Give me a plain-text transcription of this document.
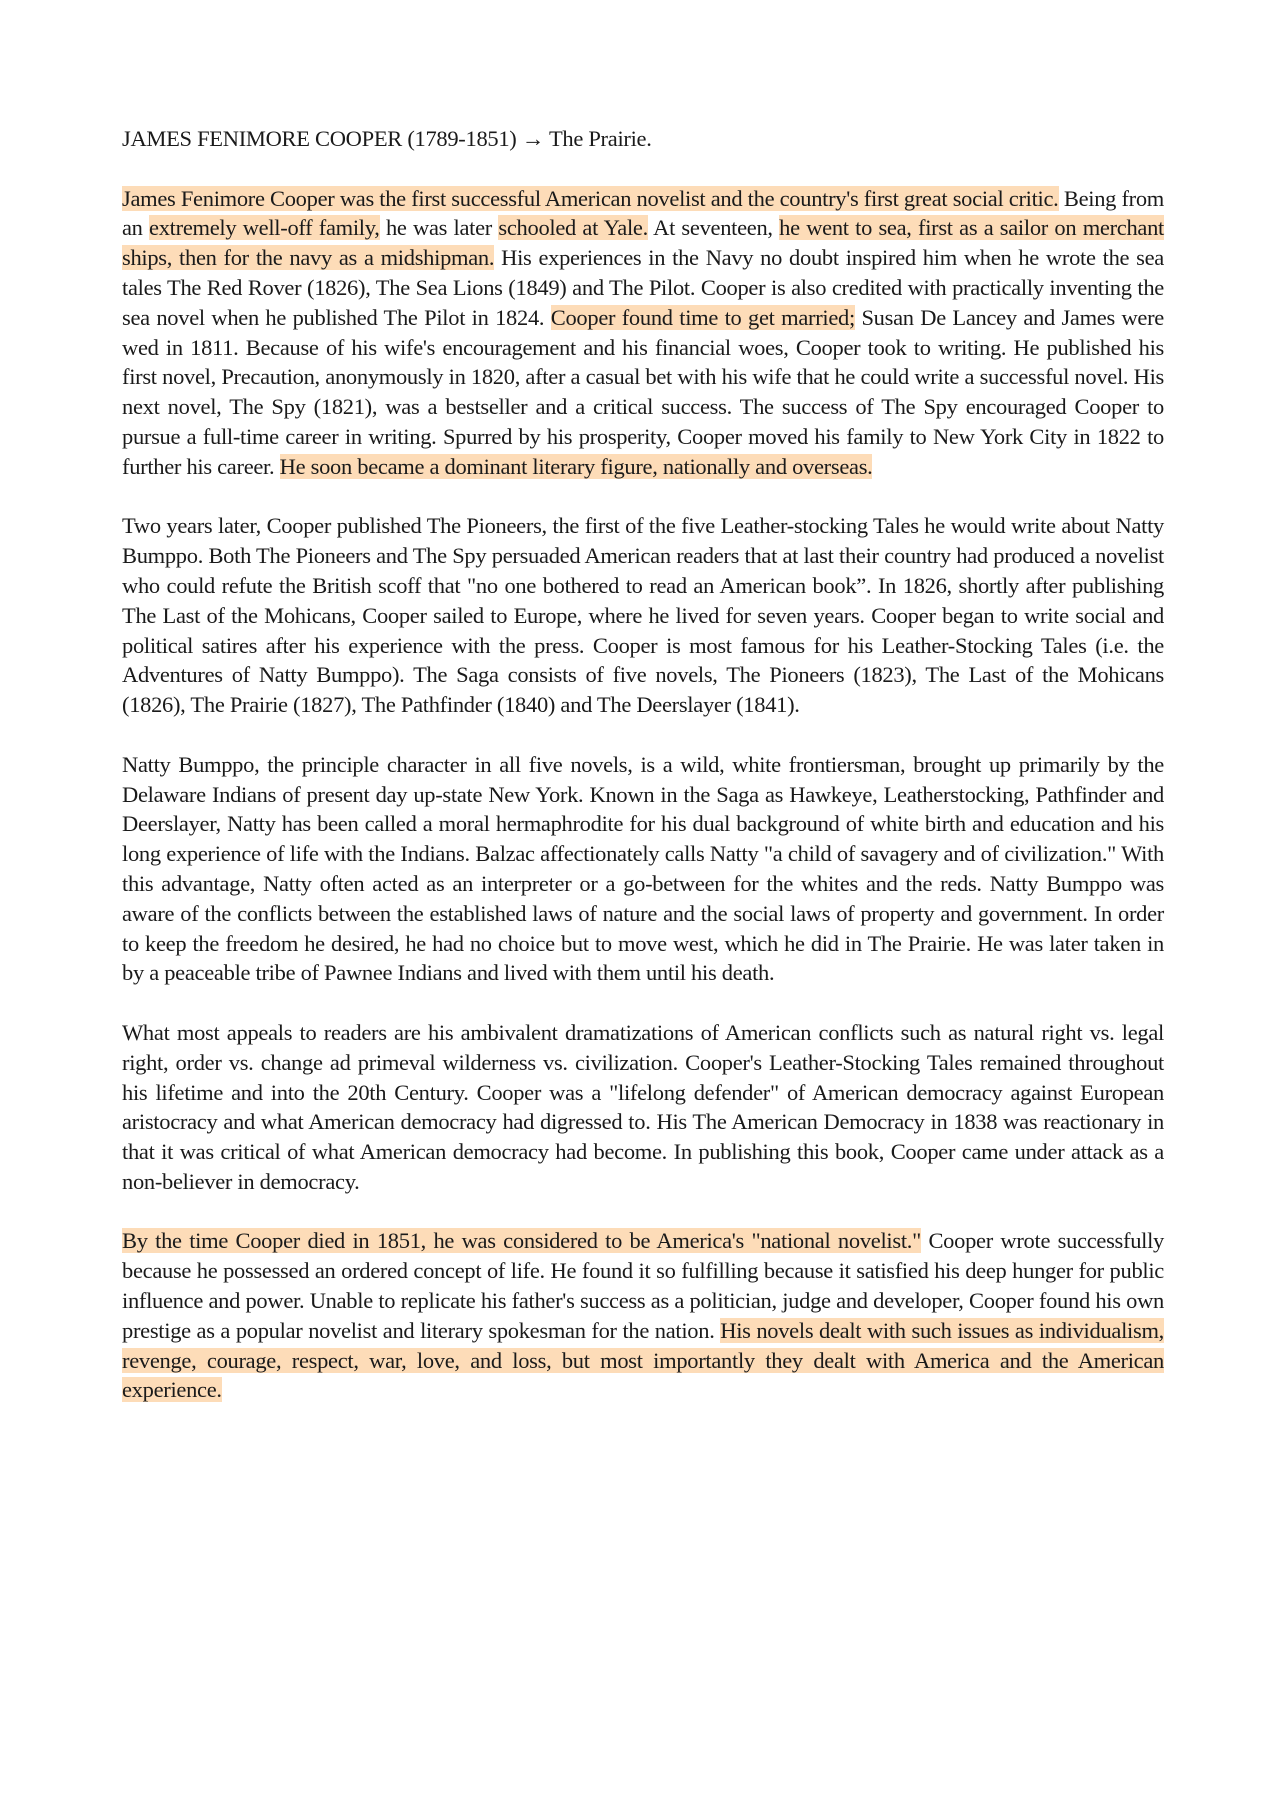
JAMES FENIMORE COOPER (1789-1851) → The Prairie.

James Fenimore Cooper was the first successful American novelist and the country's first great social critic. Being from an extremely well-off family, he was later schooled at Yale. At seventeen, he went to sea, first as a sailor on merchant ships, then for the navy as a midshipman. His experiences in the Navy no doubt inspired him when he wrote the sea tales The Red Rover (1826), The Sea Lions (1849) and The Pilot. Cooper is also credited with practically inventing the sea novel when he published The Pilot in 1824. Cooper found time to get married; Susan De Lancey and James were wed in 1811. Because of his wife's encouragement and his financial woes, Cooper took to writing. He published his first novel, Precaution, anonymously in 1820, after a casual bet with his wife that he could write a successful novel. His next novel, The Spy (1821), was a bestseller and a critical success. The success of The Spy encouraged Cooper to pursue a full-time career in writing. Spurred by his prosperity, Cooper moved his family to New York City in 1822 to further his career. He soon became a dominant literary figure, nationally and overseas.

Two years later, Cooper published The Pioneers, the first of the five Leather-stocking Tales he would write about Natty Bumppo. Both The Pioneers and The Spy persuaded American readers that at last their country had produced a novelist who could refute the British scoff that "no one bothered to read an American book”. In 1826, shortly after publishing The Last of the Mohicans, Cooper sailed to Europe, where he lived for seven years. Cooper began to write social and political satires after his experience with the press. Cooper is most famous for his Leather-Stocking Tales (i.e. the Adventures of Natty Bumppo). The Saga consists of five novels, The Pioneers (1823), The Last of the Mohicans (1826), The Prairie (1827), The Pathfinder (1840) and The Deerslayer (1841).

Natty Bumppo, the principle character in all five novels, is a wild, white frontiersman, brought up primarily by the Delaware Indians of present day up-state New York. Known in the Saga as Hawkeye, Leatherstocking, Pathfinder and Deerslayer, Natty has been called a moral hermaphrodite for his dual background of white birth and education and his long experience of life with the Indians. Balzac affectionately calls Natty "a child of savagery and of civilization." With this advantage, Natty often acted as an interpreter or a go-between for the whites and the reds. Natty Bumppo was aware of the conflicts between the established laws of nature and the social laws of property and government. In order to keep the freedom he desired, he had no choice but to move west, which he did in The Prairie. He was later taken in by a peaceable tribe of Pawnee Indians and lived with them until his death.

What most appeals to readers are his ambivalent dramatizations of American conflicts such as natural right vs. legal right, order vs. change ad primeval wilderness vs. civilization. Cooper's Leather-Stocking Tales remained throughout his lifetime and into the 20th Century. Cooper was a "lifelong defender" of American democracy against European aristocracy and what American democracy had digressed to. His The American Democracy in 1838 was reactionary in that it was critical of what American democracy had become. In publishing this book, Cooper came under attack as a non-believer in democracy.

By the time Cooper died in 1851, he was considered to be America's "national novelist." Cooper wrote successfully because he possessed an ordered concept of life. He found it so fulfilling because it satisfied his deep hunger for public influence and power. Unable to replicate his father's success as a politician, judge and developer, Cooper found his own prestige as a popular novelist and literary spokesman for the nation. His novels dealt with such issues as individualism, revenge, courage, respect, war, love, and loss, but most importantly they dealt with America and the American experience.
